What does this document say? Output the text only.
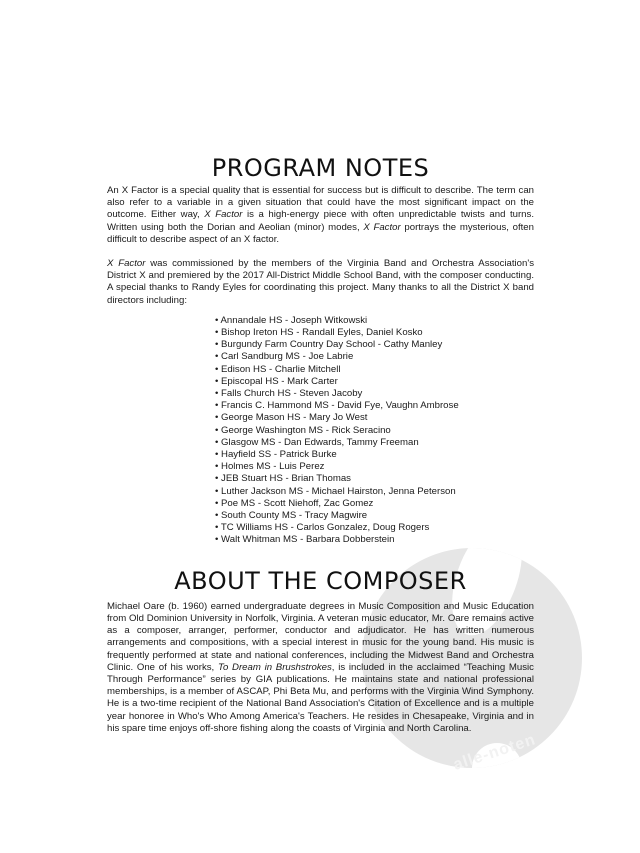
alle-noten
PROGRAM NOTES

An X Factor is a special quality that is essential for success but is difficult to describe. The term can also refer to a variable in a given situation that could have the most significant impact on the outcome. Either way, X Factor is a high-energy piece with often unpredictable twists and turns. Written using both the Dorian and Aeolian (minor) modes, X Factor portrays the mysterious, often difficult to describe aspect of an X factor.

X Factor was commissioned by the members of the Virginia Band and Orchestra Association's District X and premiered by the 2017 All-District Middle School Band, with the composer conducting. A special thanks to Randy Eyles for coordinating this project. Many thanks to all the District X band directors including:

• Annandale HS - Joseph Witkowski
• Bishop Ireton HS - Randall Eyles, Daniel Kosko
• Burgundy Farm Country Day School - Cathy Manley
• Carl Sandburg MS - Joe Labrie
• Edison HS - Charlie Mitchell
• Episcopal HS - Mark Carter
• Falls Church HS - Steven Jacoby
• Francis C. Hammond MS - David Fye, Vaughn Ambrose
• George Mason HS - Mary Jo West
• George Washington MS - Rick Seracino
• Glasgow MS - Dan Edwards, Tammy Freeman
• Hayfield SS - Patrick Burke
• Holmes MS - Luis Perez
• JEB Stuart HS - Brian Thomas
• Luther Jackson MS - Michael Hairston, Jenna Peterson
• Poe MS - Scott Niehoff, Zac Gomez
• South County MS - Tracy Magwire
• TC Williams HS - Carlos Gonzalez, Doug Rogers
• Walt Whitman MS - Barbara Dobberstein
ABOUT THE COMPOSER

Michael Oare (b. 1960) earned undergraduate degrees in Music Composition and Music Education from Old Dominion University in Norfolk, Virginia. A veteran music educator, Mr. Oare remains active as a composer, arranger, performer, conductor and adjudicator. He has written numerous arrangements and compositions, with a special interest in music for the young band. His music is frequently performed at state and national conferences, including the Midwest Band and Orchestra Clinic. One of his works, To Dream in Brushstrokes, is included in the acclaimed “Teaching Music Through Performance” series by GIA publications. He maintains state and national professional memberships, is a member of ASCAP, Phi Beta Mu, and performs with the Virginia Wind Symphony. He is a two-time recipient of the National Band Association's Citation of Excellence and is a multiple year honoree in Who's Who Among America's Teachers. He resides in Chesapeake, Virginia and in his spare time enjoys off-shore fishing along the coasts of Virginia and North Carolina.
